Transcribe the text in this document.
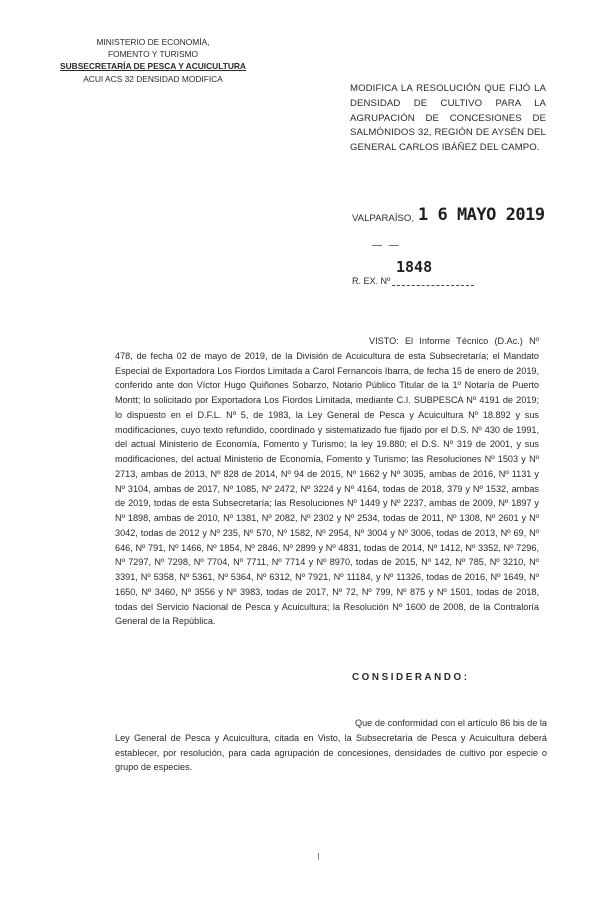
MINISTERIO DE ECONOMÍA,
FOMENTO Y TURISMO
SUBSECRETARÍA DE PESCA Y ACUICULTURA
ACUI ACS 32 DENSIDAD MODIFICA
MODIFICA LA RESOLUCIÓN QUE FIJÓ LA DENSIDAD DE CULTIVO PARA LA AGRUPACIÓN DE CONCESIONES DE SALMÓNIDOS 32, REGIÓN DE AYSÉN DEL GENERAL CARLOS IBÁÑEZ DEL CAMPO.
VALPARAÍSO, 1 6 MAYO 2019
— —
1848
R. EX. Nº
VISTO: El Informe Técnico (D.Ac.) Nº 478, de fecha 02 de mayo de 2019, de la División de Acuicultura de esta Subsecretaría; el Mandato Especial de Exportadora Los Fiordos Limitada a Carol Fernancois Ibarra, de fecha 15 de enero de 2019, conferido ante don Víctor Hugo Quiñones Sobarzo, Notario Público Titular de la 1º Notaría de Puerto Montt; lo solicitado por Exportadora Los Fiordos Limitada, mediante C.I. SUBPESCA Nº 4191 de 2019; lo dispuesto en el D.F.L. Nº 5, de 1983, la Ley General de Pesca y Acuicultura Nº 18.892 y sus modificaciones, cuyo texto refundido, coordinado y sistematizado fue fijado por el D.S. Nº 430 de 1991, del actual Ministerio de Economía, Fomento y Turismo; la ley 19.880; el D.S. Nº 319 de 2001, y sus modificaciones, del actual Ministerio de Economía, Fomento y Turismo; las Resoluciones Nº 1503 y Nº 2713, ambas de 2013, Nº 828 de 2014, Nº 94 de 2015, Nº 1662 y Nº 3035, ambas de 2016, Nº 1131 y Nº 3104, ambas de 2017, Nº 1085, Nº 2472, Nº 3224 y Nº 4164, todas de 2018, 379 y Nº 1532, ambas de 2019, todas de esta Subsecretaría; las Resoluciones Nº 1449 y Nº 2237, ambas de 2009, Nº 1897 y Nº 1898, ambas de 2010, Nº 1381, Nº 2082, Nº 2302 y Nº 2534, todas de 2011, Nº 1308, Nº 2601 y Nº 3042, todas de 2012 y Nº 235, Nº 570, Nº 1582, Nº 2954, Nº 3004 y Nº 3006, todas de 2013, Nº 69, Nº 646, Nº 791, Nº 1466, Nº 1854, Nº 2846, Nº 2899 y Nº 4831, todas de 2014, Nº 1412, Nº 3352, Nº 7296, Nº 7297, Nº 7298, Nº 7704, Nº 7711, Nº 7714 y Nº 8970, todas de 2015, Nº 142, Nº 785, Nº 3210, Nº 3391, Nº 5358, Nº 5361, Nº 5364, Nº 6312, Nº 7921, Nº 11184, y Nº 11326, todas de 2016, Nº 1649, Nº 1650, Nº 3460, Nº 3556 y Nº 3983, todas de 2017, Nº 72, Nº 799, Nº 875 y Nº 1501, todas de 2018, todas del Servicio Nacional de Pesca y Acuicultura; la Resolución Nº 1600 de 2008, de la Contraloría General de la República.
CONSIDERANDO:
Que de conformidad con el artículo 86 bis de la Ley General de Pesca y Acuicultura, citada en Visto, la Subsecretaría de Pesca y Acuicultura deberá establecer, por resolución, para cada agrupación de concesiones, densidades de cultivo por especie o grupo de especies.
